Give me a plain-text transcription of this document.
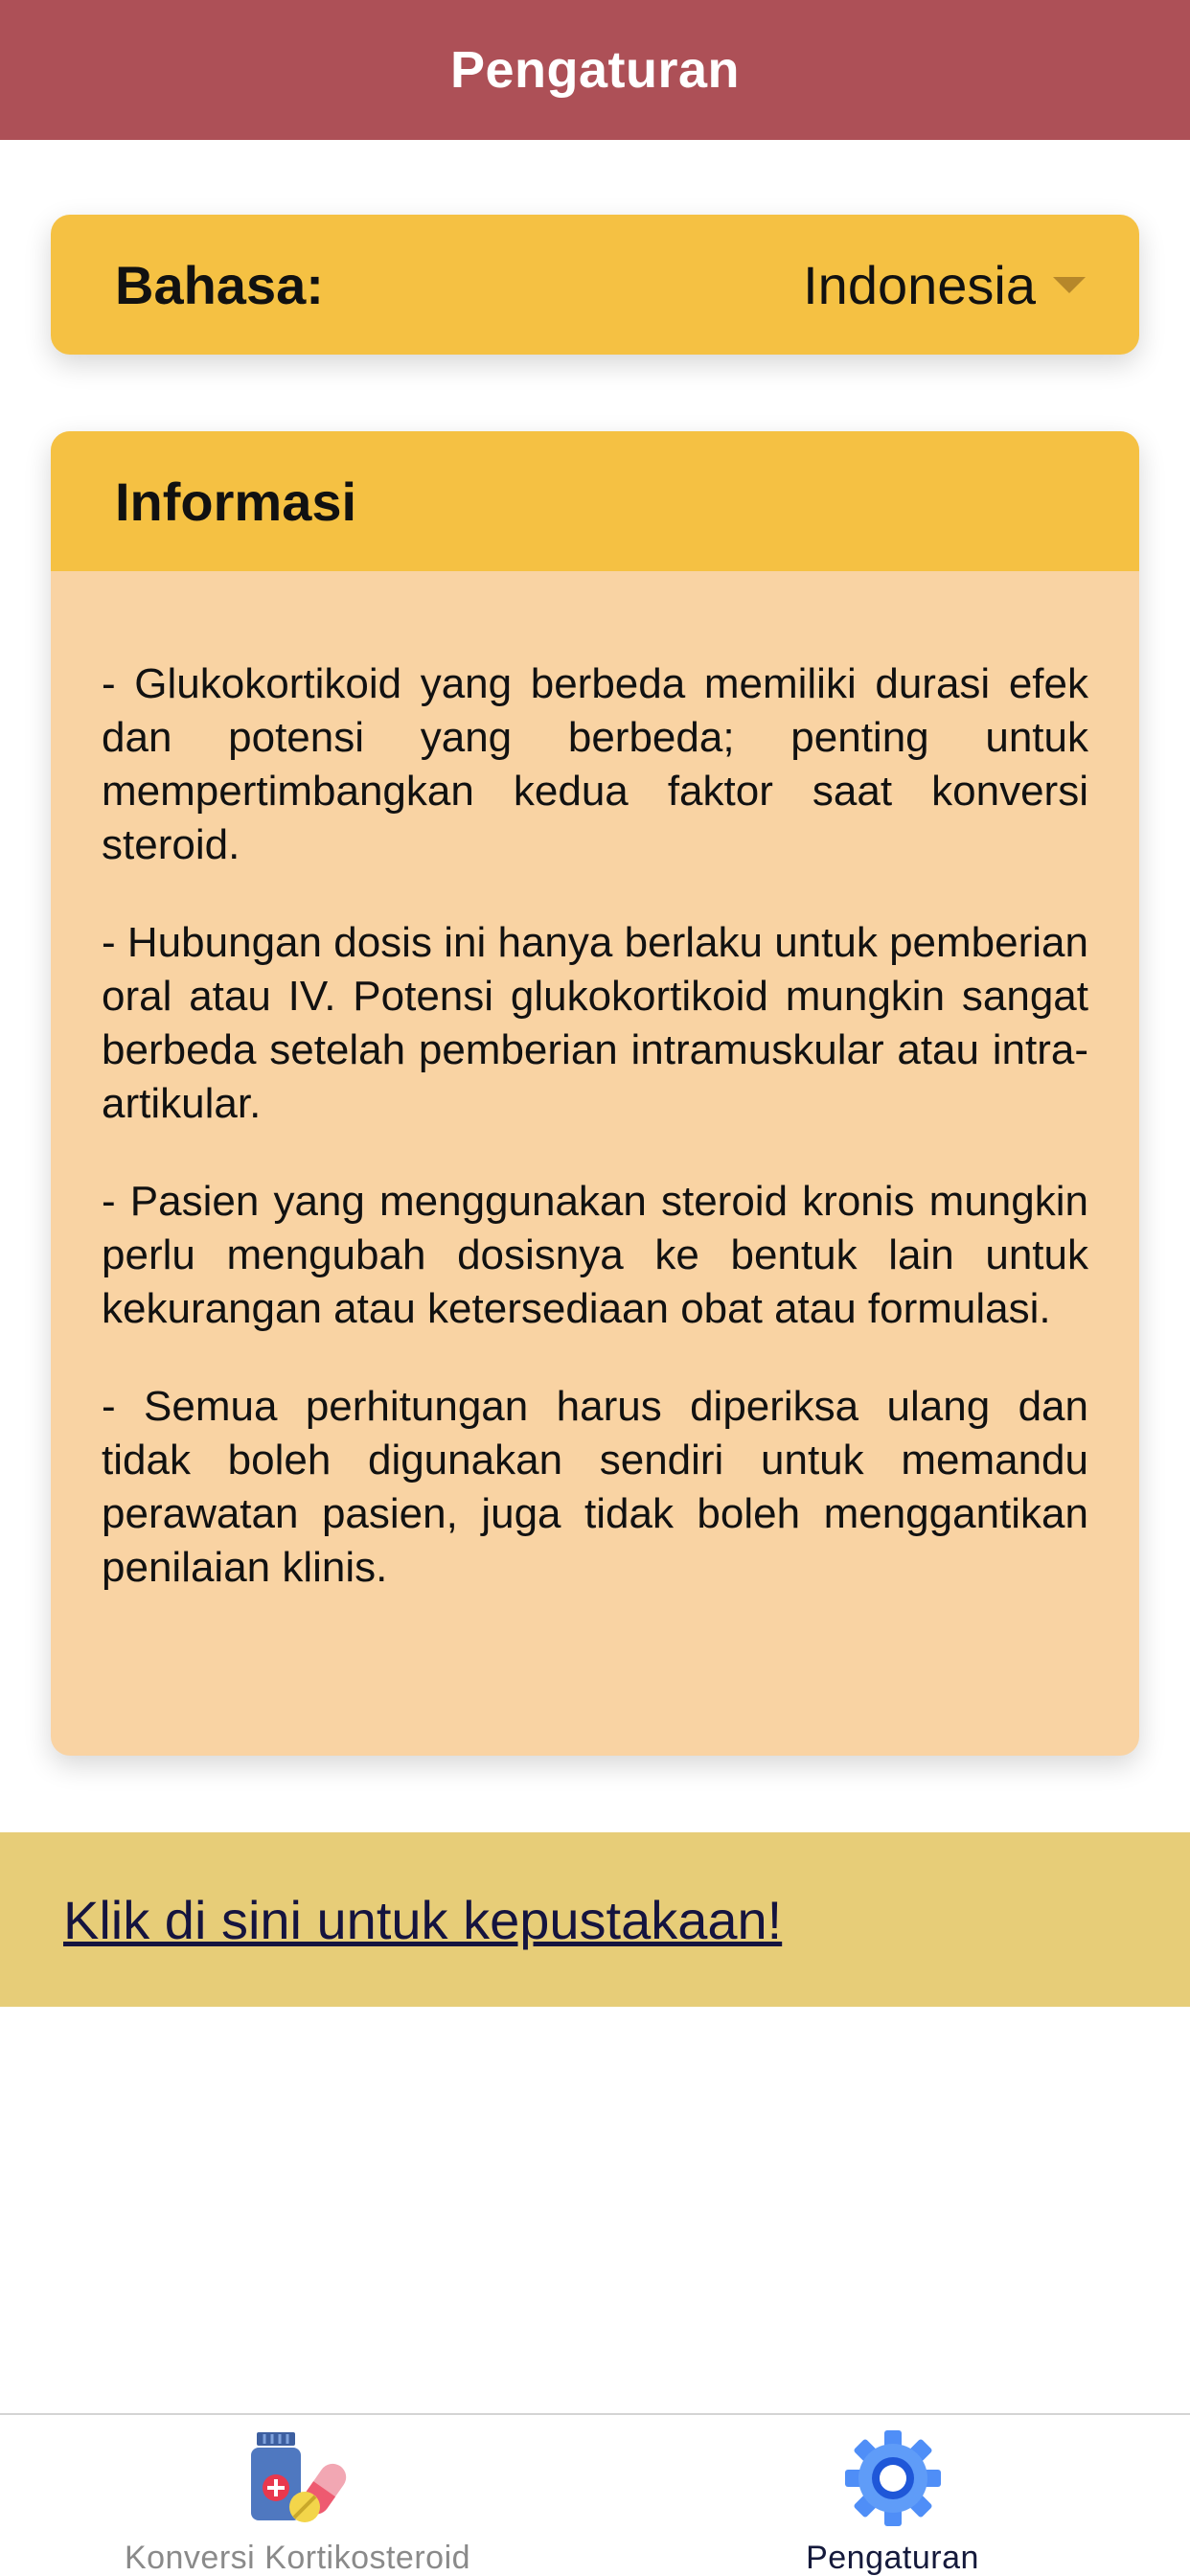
Pengaturan
Bahasa:	Indonesia
Informasi

- Glukokortikoid yang berbeda memiliki durasi efek dan potensi yang berbeda; penting untuk mempertimbangkan kedua faktor saat konversi steroid.

- Hubungan dosis ini hanya berlaku untuk pemberian oral atau IV. Potensi glukokortikoid mungkin sangat berbeda setelah pemberian intramuskular atau intra-artikular.

- Pasien yang menggunakan steroid kronis mungkin perlu mengubah dosisnya ke bentuk lain untuk kekurangan atau ketersediaan obat atau formulasi.

- Semua perhitungan harus diperiksa ulang dan tidak boleh digunakan sendiri untuk memandu perawatan pasien, juga tidak boleh menggantikan penilaian klinis.

Klik di sini untuk kepustakaan!
Konversi Kortikosteroid	Pengaturan
